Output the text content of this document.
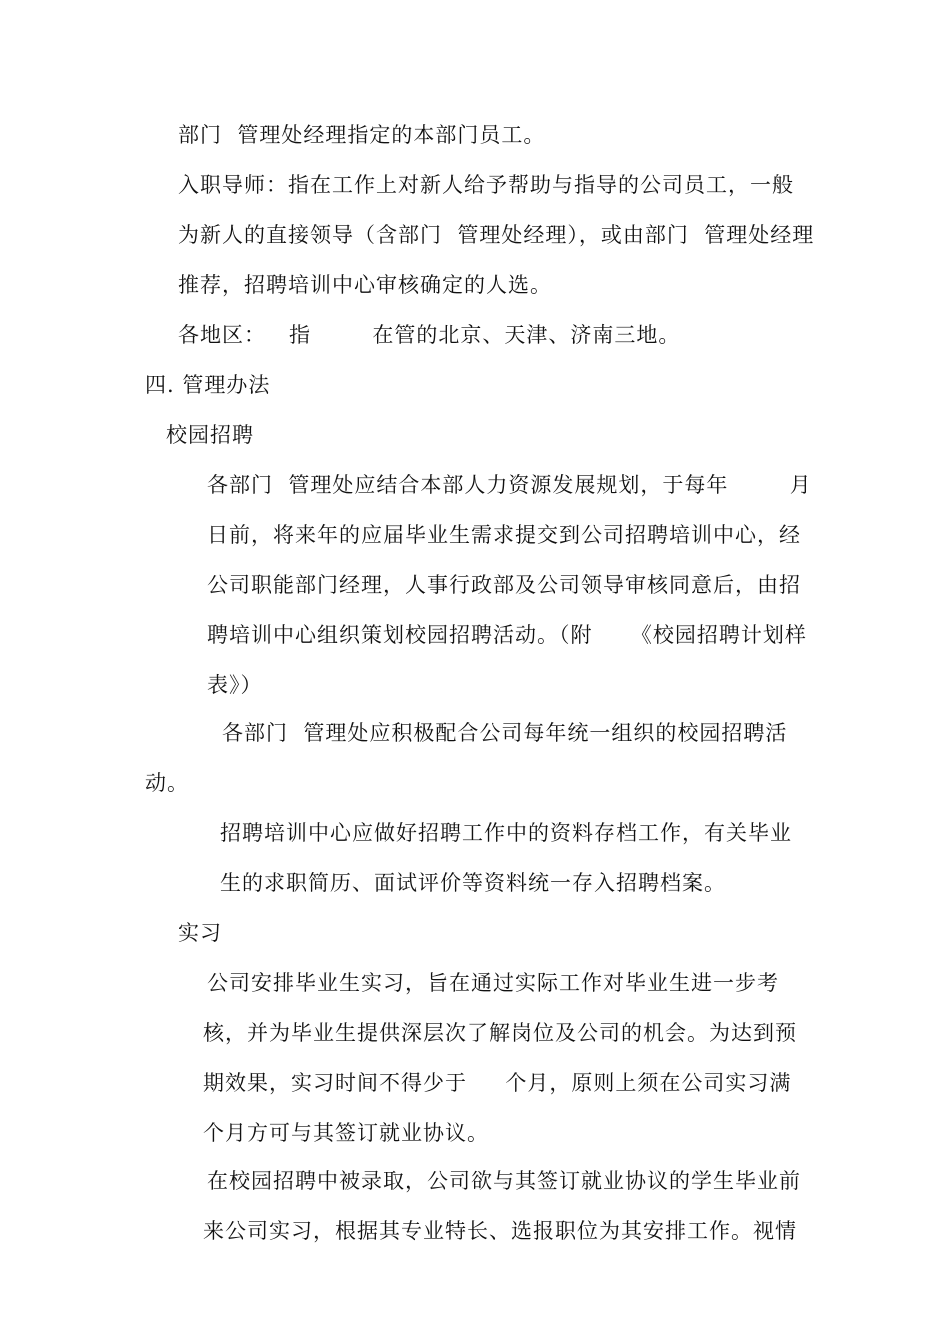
部门  管理处经理指定的本部门员工。
入职导师：指在工作上对新人给予帮助与指导的公司员工，一般
为新人的直接领导（含部门  管理处经理），或由部门  管理处经理
推荐，招聘培训中心审核确定的人选。
各地区：   指        在管的北京、天津、济南三地。
四. 管理办法
校园招聘
各部门  管理处应结合本部人力资源发展规划，于每年        月
日前，将来年的应届毕业生需求提交到公司招聘培训中心，经
公司职能部门经理，人事行政部及公司领导审核同意后，由招
聘培训中心组织策划校园招聘活动。（附     《校园招聘计划样
表》）
各部门  管理处应积极配合公司每年统一组织的校园招聘活
动。
招聘培训中心应做好招聘工作中的资料存档工作，有关毕业
生的求职简历、面试评价等资料统一存入招聘档案。
实习
公司安排毕业生实习，旨在通过实际工作对毕业生进一步考
核，并为毕业生提供深层次了解岗位及公司的机会。为达到预
期效果，实习时间不得少于     个月，原则上须在公司实习满
个月方可与其签订就业协议。
在校园招聘中被录取，公司欲与其签订就业协议的学生毕业前
来公司实习，根据其专业特长、选报职位为其安排工作。视情
